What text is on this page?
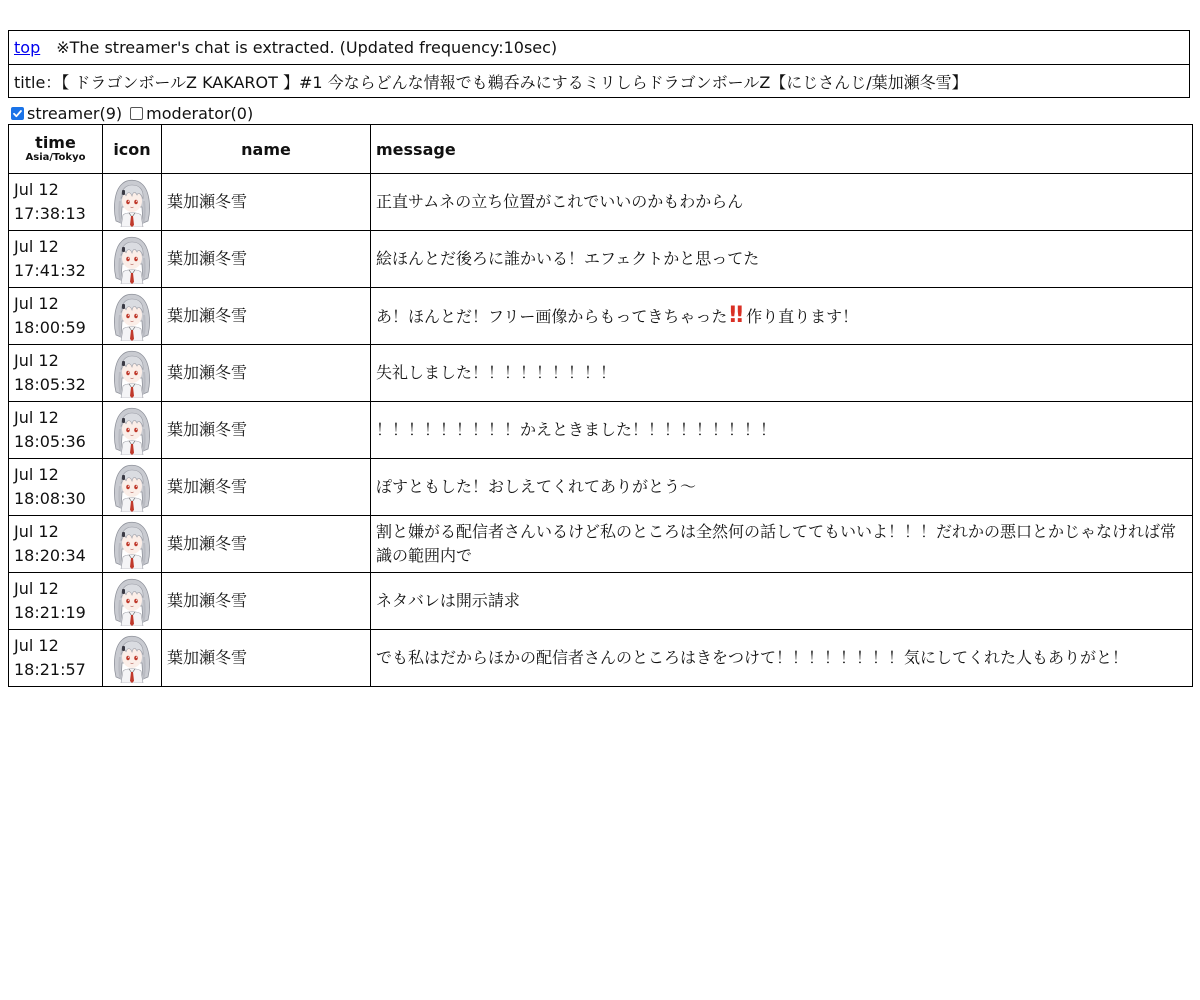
top ※The streamer's chat is extracted. (Updated frequency:10sec)
title：【 ドラゴンボールZ KAKAROT 】#1 今ならどんな情報でも鵜呑みにするミリしらドラゴンボールZ【にじさんじ/葉加瀬冬雪】
streamer(9) moderator(0)
time
Asia/Tokyo	icon	name	message

Jul 12
17:38:13		葉加瀬冬雪	正直サムネの立ち位置がこれでいいのかもわからん

Jul 12
17:41:32		葉加瀬冬雪	絵ほんとだ後ろに誰かいる！エフェクトかと思ってた

Jul 12
18:00:59		葉加瀬冬雪	あ！ほんとだ！フリー画像からもってきちゃった‼ 作り直ります！

Jul 12
18:05:32		葉加瀬冬雪	失礼しました！！！！！！！！！

Jul 12
18:05:36		葉加瀬冬雪	！！！！！！！！！かえときました！！！！！！！！！

Jul 12
18:08:30		葉加瀬冬雪	ぽすともした！おしえてくれてありがとう～

Jul 12
18:20:34		葉加瀬冬雪	割と嫌がる配信者さんいるけど私のところは全然何の話しててもいいよ！！！だれかの悪口とかじゃなければ常識の範囲内で

Jul 12
18:21:19		葉加瀬冬雪	ネタバレは開示請求

Jul 12
18:21:57		葉加瀬冬雪	でも私はだからほかの配信者さんのところはきをつけて！！！！！！！！気にしてくれた人もありがと！
